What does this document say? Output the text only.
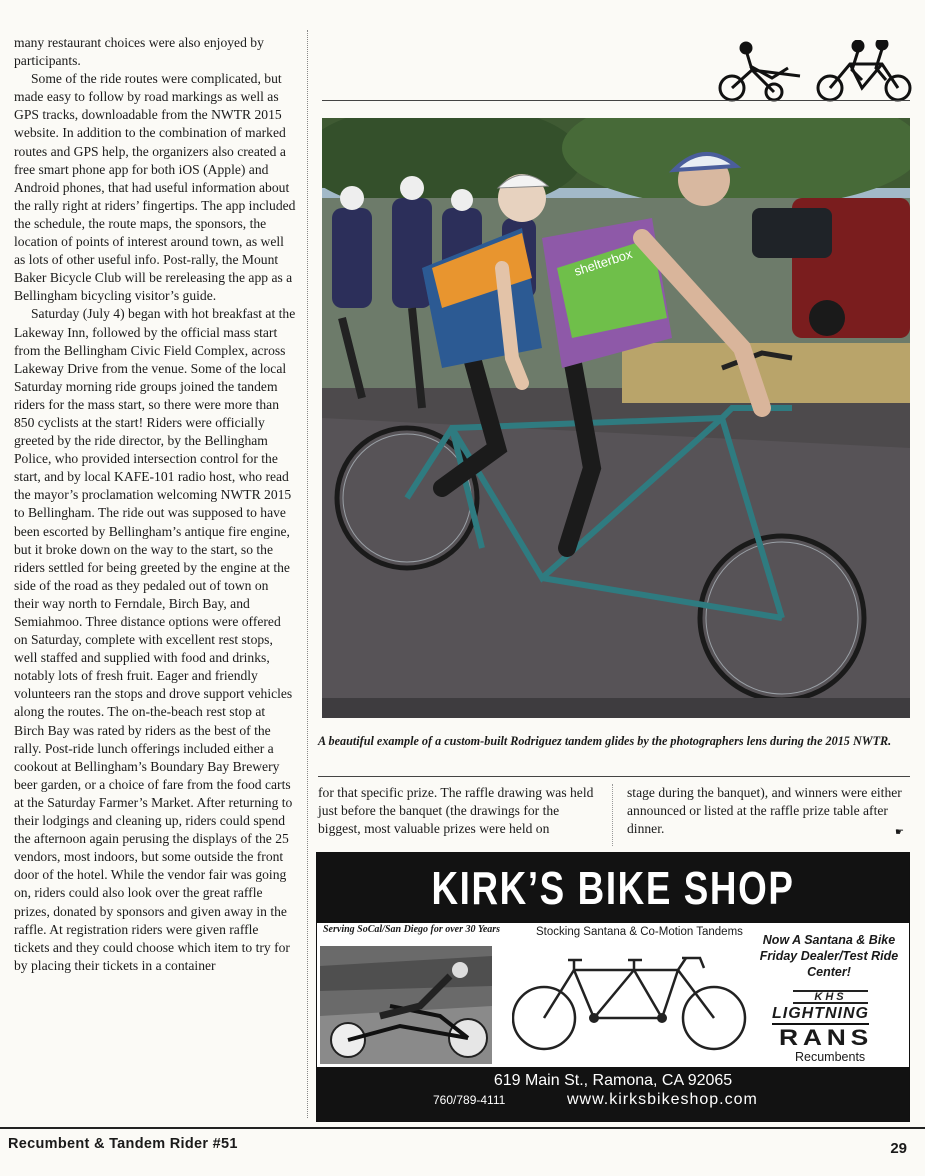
many restaurant choices were also enjoyed by participants.

Some of the ride routes were complicated, but made easy to follow by road markings as well as GPS tracks, downloadable from the NWTR 2015 website. In addition to the combination of marked routes and GPS help, the organizers also created a free smart phone app for both iOS (Apple) and Android phones, that had useful information about the rally right at riders’ fingertips. The app included the schedule, the route maps, the sponsors, the location of points of interest around town, as well as lots of other useful info. Post-rally, the Mount Baker Bicycle Club will be rereleasing the app as a Bellingham bicycling visitor’s guide.

Saturday (July 4) began with hot breakfast at the Lakeway Inn, followed by the official mass start from the Bellingham Civic Field Complex, across Lakeway Drive from the venue. Some of the local Saturday morning ride groups joined the tandem riders for the mass start, so there were more than 850 cyclists at the start! Riders were officially greeted by the ride director, by the Bellingham Police, who provided intersection control for the start, and by local KAFE-101 radio host, who read the mayor’s proclamation welcoming NWTR 2015 to Bellingham. The ride out was supposed to have been escorted by Bellingham’s antique fire engine, but it broke down on the way to the start, so the riders settled for being greeted by the engine at the side of the road as they pedaled out of town on their way north to Ferndale, Birch Bay, and Semiahmoo. Three distance options were offered on Saturday, complete with excellent rest stops, well staffed and supplied with food and drinks, notably lots of fresh fruit. Eager and friendly volunteers ran the stops and drove support vehicles along the routes. The on-the-beach rest stop at Birch Bay was rated by riders as the best of the rally. Post-ride lunch offerings included either a cookout at Bellingham’s Boundary Bay Brewery beer garden, or a choice of fare from the food carts at the Saturday Farmer’s Market. After returning to their lodgings and cleaning up, riders could spend the afternoon again perusing the displays of the 25 vendors, most indoors, but some outside the front door of the hotel. While the vendor fair was going on, riders could also look over the great raffle prizes, donated by sponsors and given away in the raffle. At registration riders were given raffle tickets and they could choose which item to try for by placing their tickets in a container

shelterbox
A beautiful example of a custom-built Rodriguez tandem glides by the photographers lens during the 2015 NWTR.
for that specific prize. The raffle drawing was held just before the banquet (the drawings for the biggest, most valuable prizes were held on
stage during the banquet), and winners were either announced or listed at the raffle prize table after dinner.	☛
KIRK’S BIKE SHOP
Serving SoCal/San Diego for over 30 Years	Stocking Santana & Co-Motion Tandems
Now A Santana & Bike Friday Dealer/Test Ride Center!
KHS
LIGHTNING
RANS
Recumbents
619 Main St., Ramona, CA 92065
760/789-4111	www.kirksbikeshop.com
Recumbent & Tandem Rider #51	29
